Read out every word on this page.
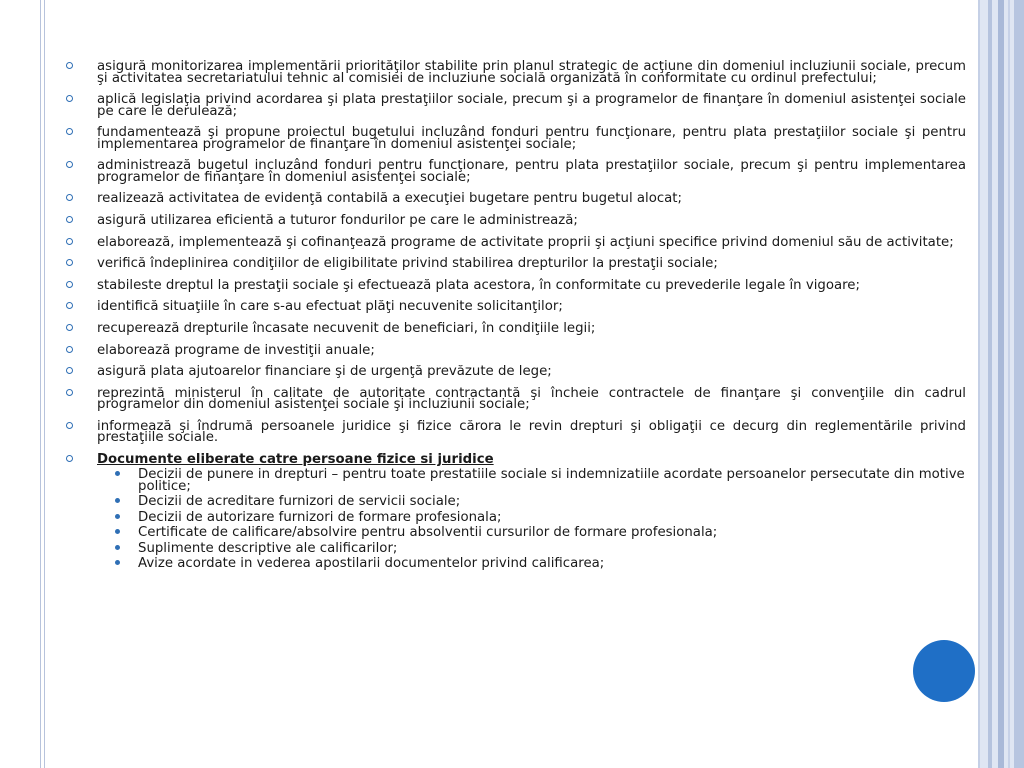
asigură monitorizarea implementării priorităţilor stabilite prin planul strategic de acţiune din domeniul incluziunii sociale, precum şi activitatea secretariatului tehnic al comisiei de incluziune socială organizată în conformitate cu ordinul prefectului;
aplică legislaţia privind acordarea şi plata prestaţiilor sociale, precum şi a programelor de finanţare în domeniul asistenţei sociale pe care le derulează;
fundamentează şi propune proiectul bugetului incluzând fonduri pentru funcţionare, pentru plata prestaţiilor sociale şi pentru implementarea programelor de finanţare în domeniul asistenţei sociale;
administrează bugetul incluzând fonduri pentru funcţionare, pentru plata prestaţiilor sociale, precum şi pentru implementarea programelor de finanţare în domeniul asistenţei sociale;
realizează activitatea de evidenţă contabilă a execuţiei bugetare pentru bugetul alocat;
asigură utilizarea eficientă a tuturor fondurilor pe care le administrează;
elaborează, implementează şi cofinanţează programe de activitate proprii şi acţiuni specifice privind domeniul său de activitate;
verifică îndeplinirea condiţiilor de eligibilitate privind stabilirea drepturilor la prestaţii sociale;
stabileste dreptul la prestaţii sociale şi efectuează plata acestora, în conformitate cu prevederile legale în vigoare;
identifică situaţiile în care s-au efectuat plăţi necuvenite solicitanţilor;
recuperează drepturile încasate necuvenit de beneficiari, în condiţiile legii;
elaborează programe de investiţii anuale;
asigură plata ajutoarelor financiare şi de urgenţă prevăzute de lege;
reprezintă ministerul în calitate de autoritate contractantă şi încheie contractele de finanţare şi convenţiile din cadrul programelor din domeniul asistenţei sociale şi incluziunii sociale;
informează şi îndrumă persoanele juridice şi fizice cărora le revin drepturi şi obligaţii ce decurg din reglementările privind prestaţiile sociale.
Documente eliberate catre persoane fizice si juridice
Decizii de punere in drepturi – pentru toate prestatiile sociale si indemnizatiile acordate persoanelor persecutate din motive politice;
Decizii de acreditare furnizori de servicii sociale;
Decizii de autorizare furnizori de formare profesionala;
Certificate de calificare/absolvire pentru absolventii cursurilor de formare profesionala;
Suplimente descriptive ale calificarilor;
Avize acordate in vederea apostilarii documentelor privind calificarea;
